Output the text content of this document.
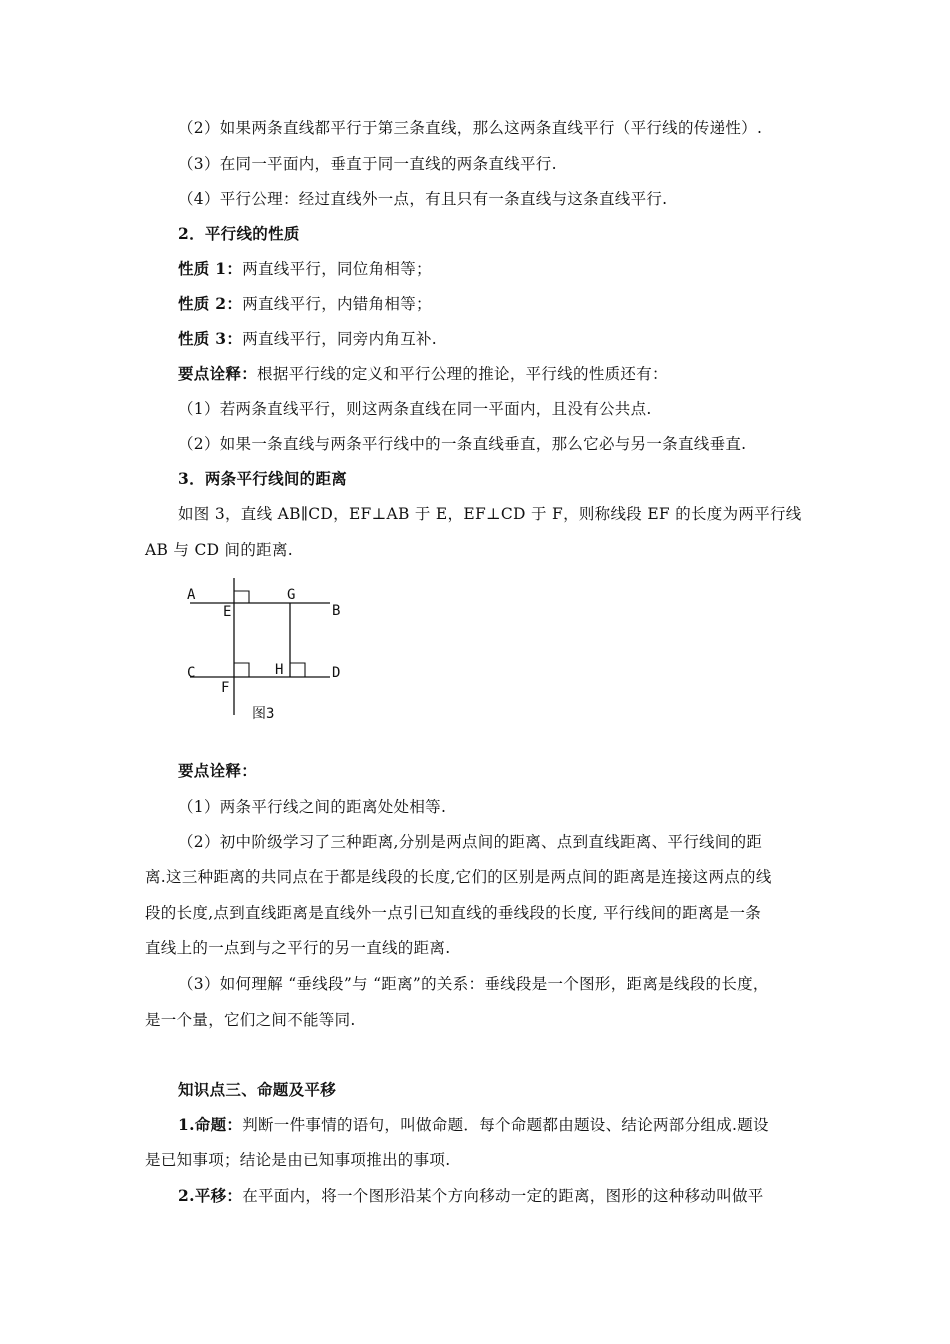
（2）如果两条直线都平行于第三条直线，那么这两条直线平行（平行线的传递性）.
（3）在同一平面内，垂直于同一直线的两条直线平行.
（4）平行公理：经过直线外一点，有且只有一条直线与这条直线平行.
2．平行线的性质
性质 1：两直线平行，同位角相等；
性质 2：两直线平行，内错角相等；
性质 3：两直线平行，同旁内角互补.
要点诠释：根据平行线的定义和平行公理的推论，平行线的性质还有：
（1）若两条直线平行，则这两条直线在同一平面内，且没有公共点.
（2）如果一条直线与两条平行线中的一条直线垂直，那么它必与另一条直线垂直.
3．两条平行线间的距离
如图 3，直线 AB∥CD，EF⊥AB 于 E，EF⊥CD 于 F，则称线段 EF 的长度为两平行线
AB 与 CD 间的距离.
A
B
C	D
E
F
G
H
图3
要点诠释：
（1）两条平行线之间的距离处处相等.
（2）初中阶级学习了三种距离,分别是两点间的距离、点到直线距离、平行线间的距
离.这三种距离的共同点在于都是线段的长度,它们的区别是两点间的距离是连接这两点的线
段的长度,点到直线距离是直线外一点引已知直线的垂线段的长度, 平行线间的距离是一条
直线上的一点到与之平行的另一直线的距离.
（3）如何理解 “垂线段”与 “距离”的关系：垂线段是一个图形，距离是线段的长度，
是一个量，它们之间不能等同.
知识点三、命题及平移
1.命题：判断一件事情的语句，叫做命题．每个命题都由题设、结论两部分组成.题设
是已知事项；结论是由已知事项推出的事项.
2.平移：在平面内，将一个图形沿某个方向移动一定的距离，图形的这种移动叫做平
